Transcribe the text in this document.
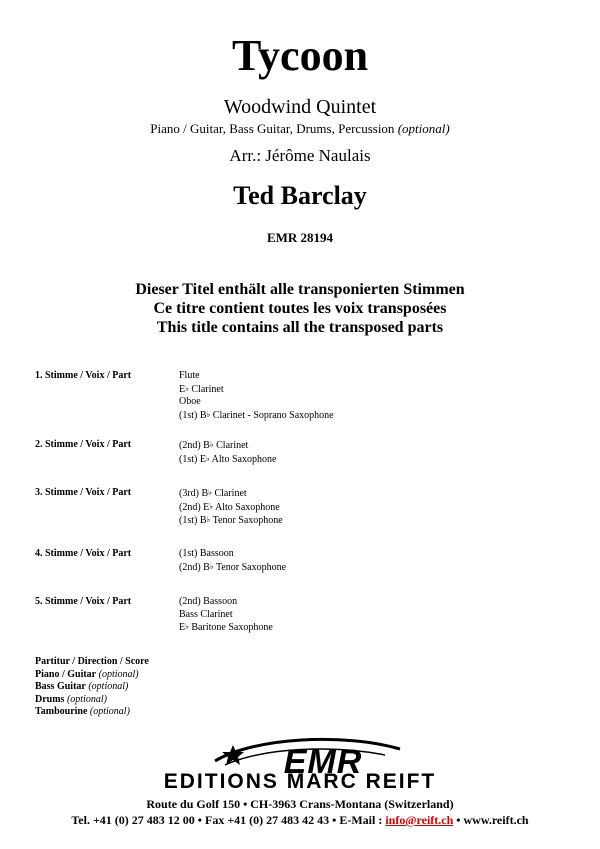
Tycoon
Woodwind Quintet
Piano / Guitar, Bass Guitar, Drums, Percussion (optional)
Arr.: Jérôme Naulais
Ted Barclay
EMR 28194
Dieser Titel enthält alle transponierten Stimmen
Ce titre contient toutes les voix transposées
This title contains all the transposed parts
1. Stimme / Voix / Part	Flute
E♭ Clarinet
Oboe
(1st) B♭ Clarinet - Soprano Saxophone
2. Stimme / Voix / Part	(2nd) B♭ Clarinet
(1st) E♭ Alto Saxophone
3. Stimme / Voix / Part	(3rd) B♭ Clarinet
(2nd) E♭ Alto Saxophone
(1st) B♭ Tenor Saxophone
4. Stimme / Voix / Part	(1st) Bassoon
(2nd) B♭ Tenor Saxophone
5. Stimme / Voix / Part	(2nd) Bassoon
Bass Clarinet
E♭ Baritone Saxophone
Partitur / Direction / Score
Piano / Guitar (optional)
Bass Guitar (optional)
Drums (optional)
Tambourine (optional)
EMR
EDITIONS MARC REIFT
Route du Golf 150 • CH-3963 Crans-Montana (Switzerland)
Tel. +41 (0) 27 483 12 00 • Fax +41 (0) 27 483 42 43 • E-Mail : info@reift.ch • www.reift.ch
